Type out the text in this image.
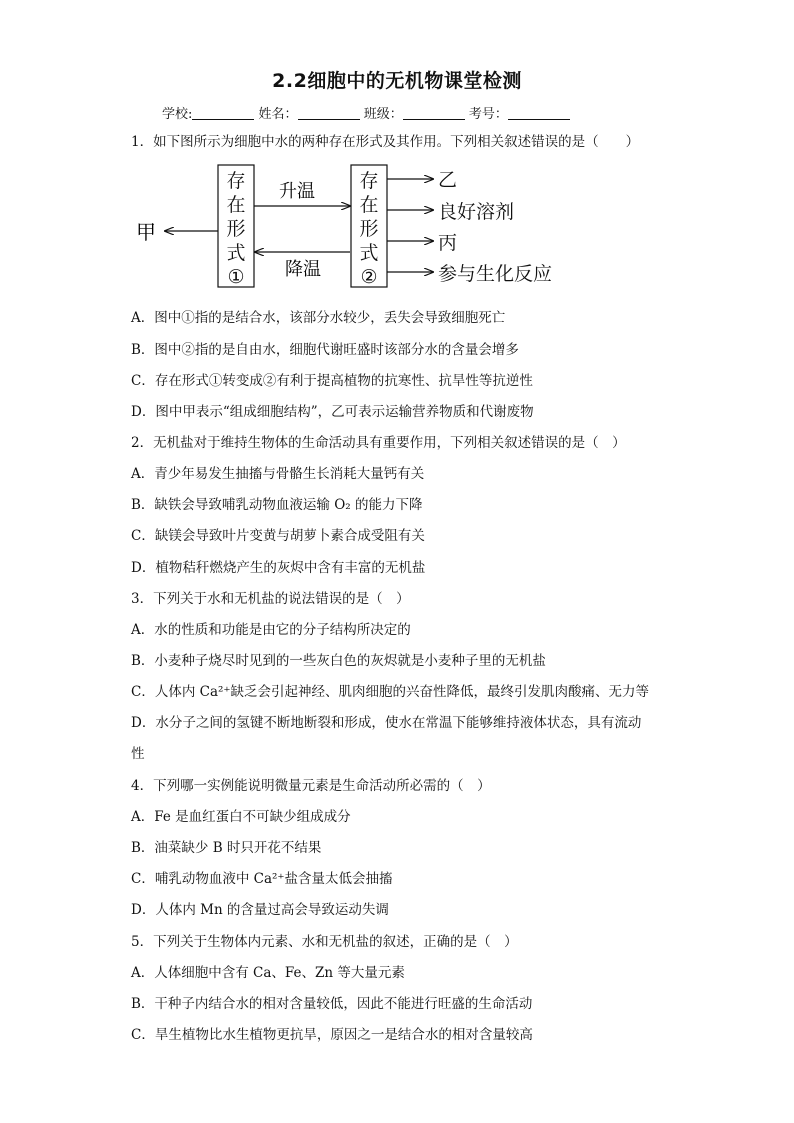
2.2细胞中的无机物课堂检测
学校:	姓名：	班级：	考号：
1．如下图所示为细胞中水的两种存在形式及其作用。下列相关叙述错误的是（　　）
存
在
形
式
①
存
在
形
式
②
升温
降温
甲
乙
良好溶剂
丙
参与生化反应
A．图中①指的是结合水，该部分水较少，丢失会导致细胞死亡
B．图中②指的是自由水，细胞代谢旺盛时该部分水的含量会增多
C．存在形式①转变成②有利于提高植物的抗寒性、抗旱性等抗逆性
D．图中甲表示“组成细胞结构”，乙可表示运输营养物质和代谢废物
2．无机盐对于维持生物体的生命活动具有重要作用，下列相关叙述错误的是（　）
A．青少年易发生抽搐与骨骼生长消耗大量钙有关
B．缺铁会导致哺乳动物血液运输 O₂ 的能力下降
C．缺镁会导致叶片变黄与胡萝卜素合成受阻有关
D．植物秸秆燃烧产生的灰烬中含有丰富的无机盐
3．下列关于水和无机盐的说法错误的是（　）
A．水的性质和功能是由它的分子结构所决定的
B．小麦种子烧尽时见到的一些灰白色的灰烬就是小麦种子里的无机盐
C．人体内 Ca²⁺缺乏会引起神经、肌肉细胞的兴奋性降低，最终引发肌肉酸痛、无力等
D．水分子之间的氢键不断地断裂和形成，使水在常温下能够维持液体状态，具有流动
性
4．下列哪一实例能说明微量元素是生命活动所必需的（　）
A．Fe 是血红蛋白不可缺少组成成分
B．油菜缺少 B 时只开花不结果
C．哺乳动物血液中 Ca²⁺盐含量太低会抽搐
D．人体内 Mn 的含量过高会导致运动失调
5．下列关于生物体内元素、水和无机盐的叙述，正确的是（　）
A．人体细胞中含有 Ca、Fe、Zn 等大量元素
B．干种子内结合水的相对含量较低，因此不能进行旺盛的生命活动
C．旱生植物比水生植物更抗旱，原因之一是结合水的相对含量较高
